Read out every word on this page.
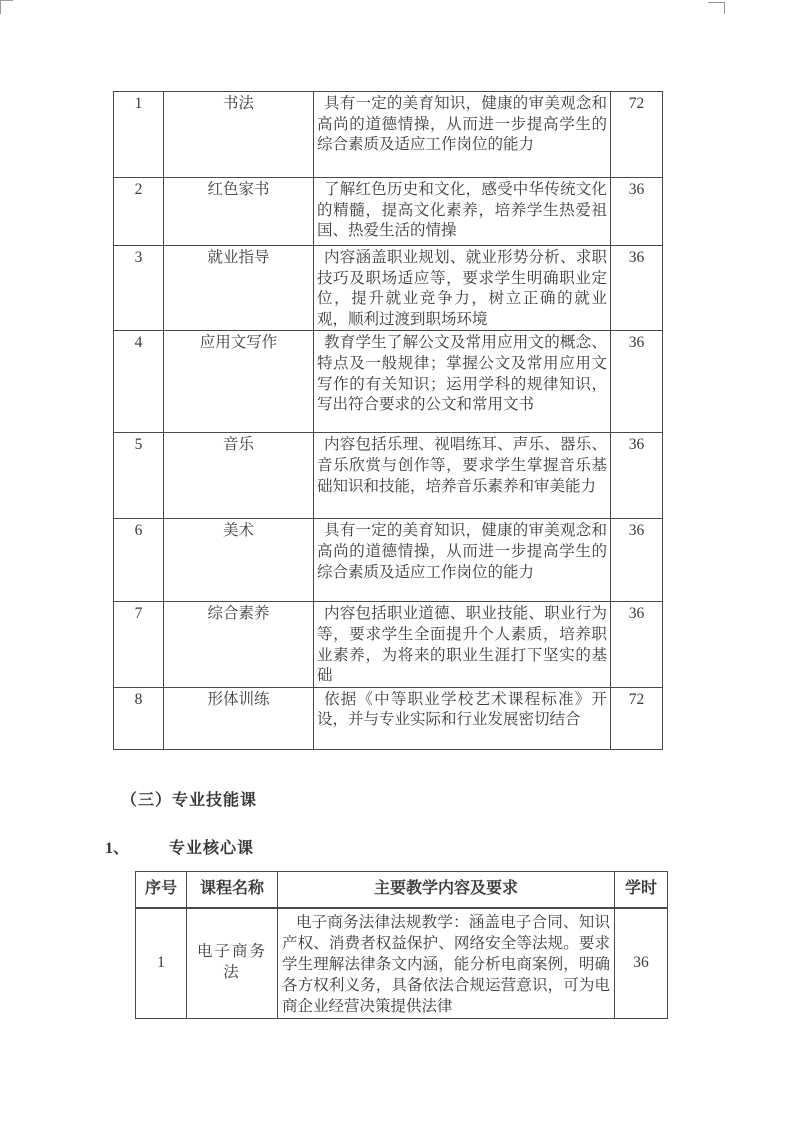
1	书法	具有一定的美育知识，健康的审美观念和高尚的道德情操，从而进一步提高学生的综合素质及适应工作岗位的能力	72
2	红色家书	了解红色历史和文化，感受中华传统文化的精髓，提高文化素养，培养学生热爱祖国、热爱生活的情操	36
3	就业指导	内容涵盖职业规划、就业形势分析、求职技巧及职场适应等，要求学生明确职业定位，提升就业竞争力，树立正确的就业观，顺利过渡到职场环境	36
4	应用文写作	教育学生了解公文及常用应用文的概念、特点及一般规律；掌握公文及常用应用文写作的有关知识；运用学科的规律知识，写出符合要求的公文和常用文书	36
5	音乐	内容包括乐理、视唱练耳、声乐、器乐、音乐欣赏与创作等，要求学生掌握音乐基础知识和技能，培养音乐素养和审美能力	36
6	美术	具有一定的美育知识，健康的审美观念和高尚的道德情操，从而进一步提高学生的综合素质及适应工作岗位的能力	36
7	综合素养	内容包括职业道德、职业技能、职业行为等，要求学生全面提升个人素质，培养职业素养，为将来的职业生涯打下坚实的基础	36
8	形体训练	依据《中等职业学校艺术课程标准》开设，并与专业实际和行业发展密切结合	72
（三）专业技能课
1、	专业核心课
序号	课程名称	主要教学内容及要求	学时
1	电子商务法	电子商务法律法规教学：涵盖电子合同、知识产权、消费者权益保护、网络安全等法规。要求学生理解法律条文内涵，能分析电商案例，明确各方权利义务，具备依法合规运营意识，可为电商企业经营决策提供法律	36
